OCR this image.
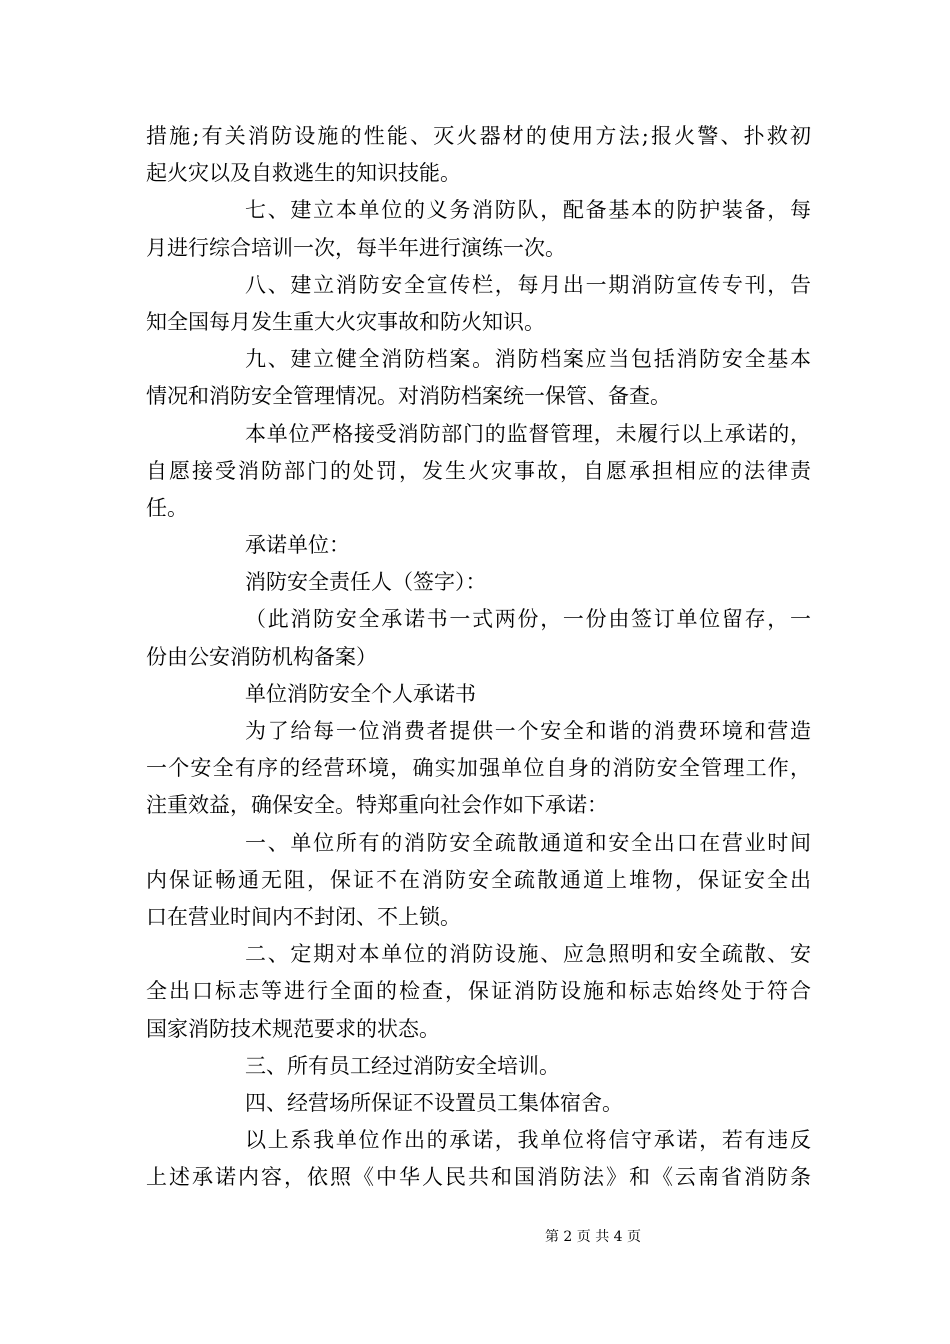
措施;有关消防设施的性能、灭火器材的使用方法;报火警、扑救初
起火灾以及自救逃生的知识技能。
七、建立本单位的义务消防队，配备基本的防护装备，每
月进行综合培训一次，每半年进行演练一次。
八、建立消防安全宣传栏，每月出一期消防宣传专刊，告
知全国每月发生重大火灾事故和防火知识。
九、建立健全消防档案。消防档案应当包括消防安全基本
情况和消防安全管理情况。对消防档案统一保管、备查。
本单位严格接受消防部门的监督管理，未履行以上承诺的，
自愿接受消防部门的处罚，发生火灾事故，自愿承担相应的法律责
任。
承诺单位：
消防安全责任人（签字）：
（此消防安全承诺书一式两份，一份由签订单位留存，一
份由公安消防机构备案）
单位消防安全个人承诺书
为了给每一位消费者提供一个安全和谐的消费环境和营造
一个安全有序的经营环境，确实加强单位自身的消防安全管理工作，
注重效益，确保安全。特郑重向社会作如下承诺：
一、单位所有的消防安全疏散通道和安全出口在营业时间
内保证畅通无阻，保证不在消防安全疏散通道上堆物，保证安全出
口在营业时间内不封闭、不上锁。
二、定期对本单位的消防设施、应急照明和安全疏散、安
全出口标志等进行全面的检查，保证消防设施和标志始终处于符合
国家消防技术规范要求的状态。
三、所有员工经过消防安全培训。
四、经营场所保证不设置员工集体宿舍。
以上系我单位作出的承诺，我单位将信守承诺，若有违反
上述承诺内容，依照《中华人民共和国消防法》和《云南省消防条
第 2 页 共 4 页
